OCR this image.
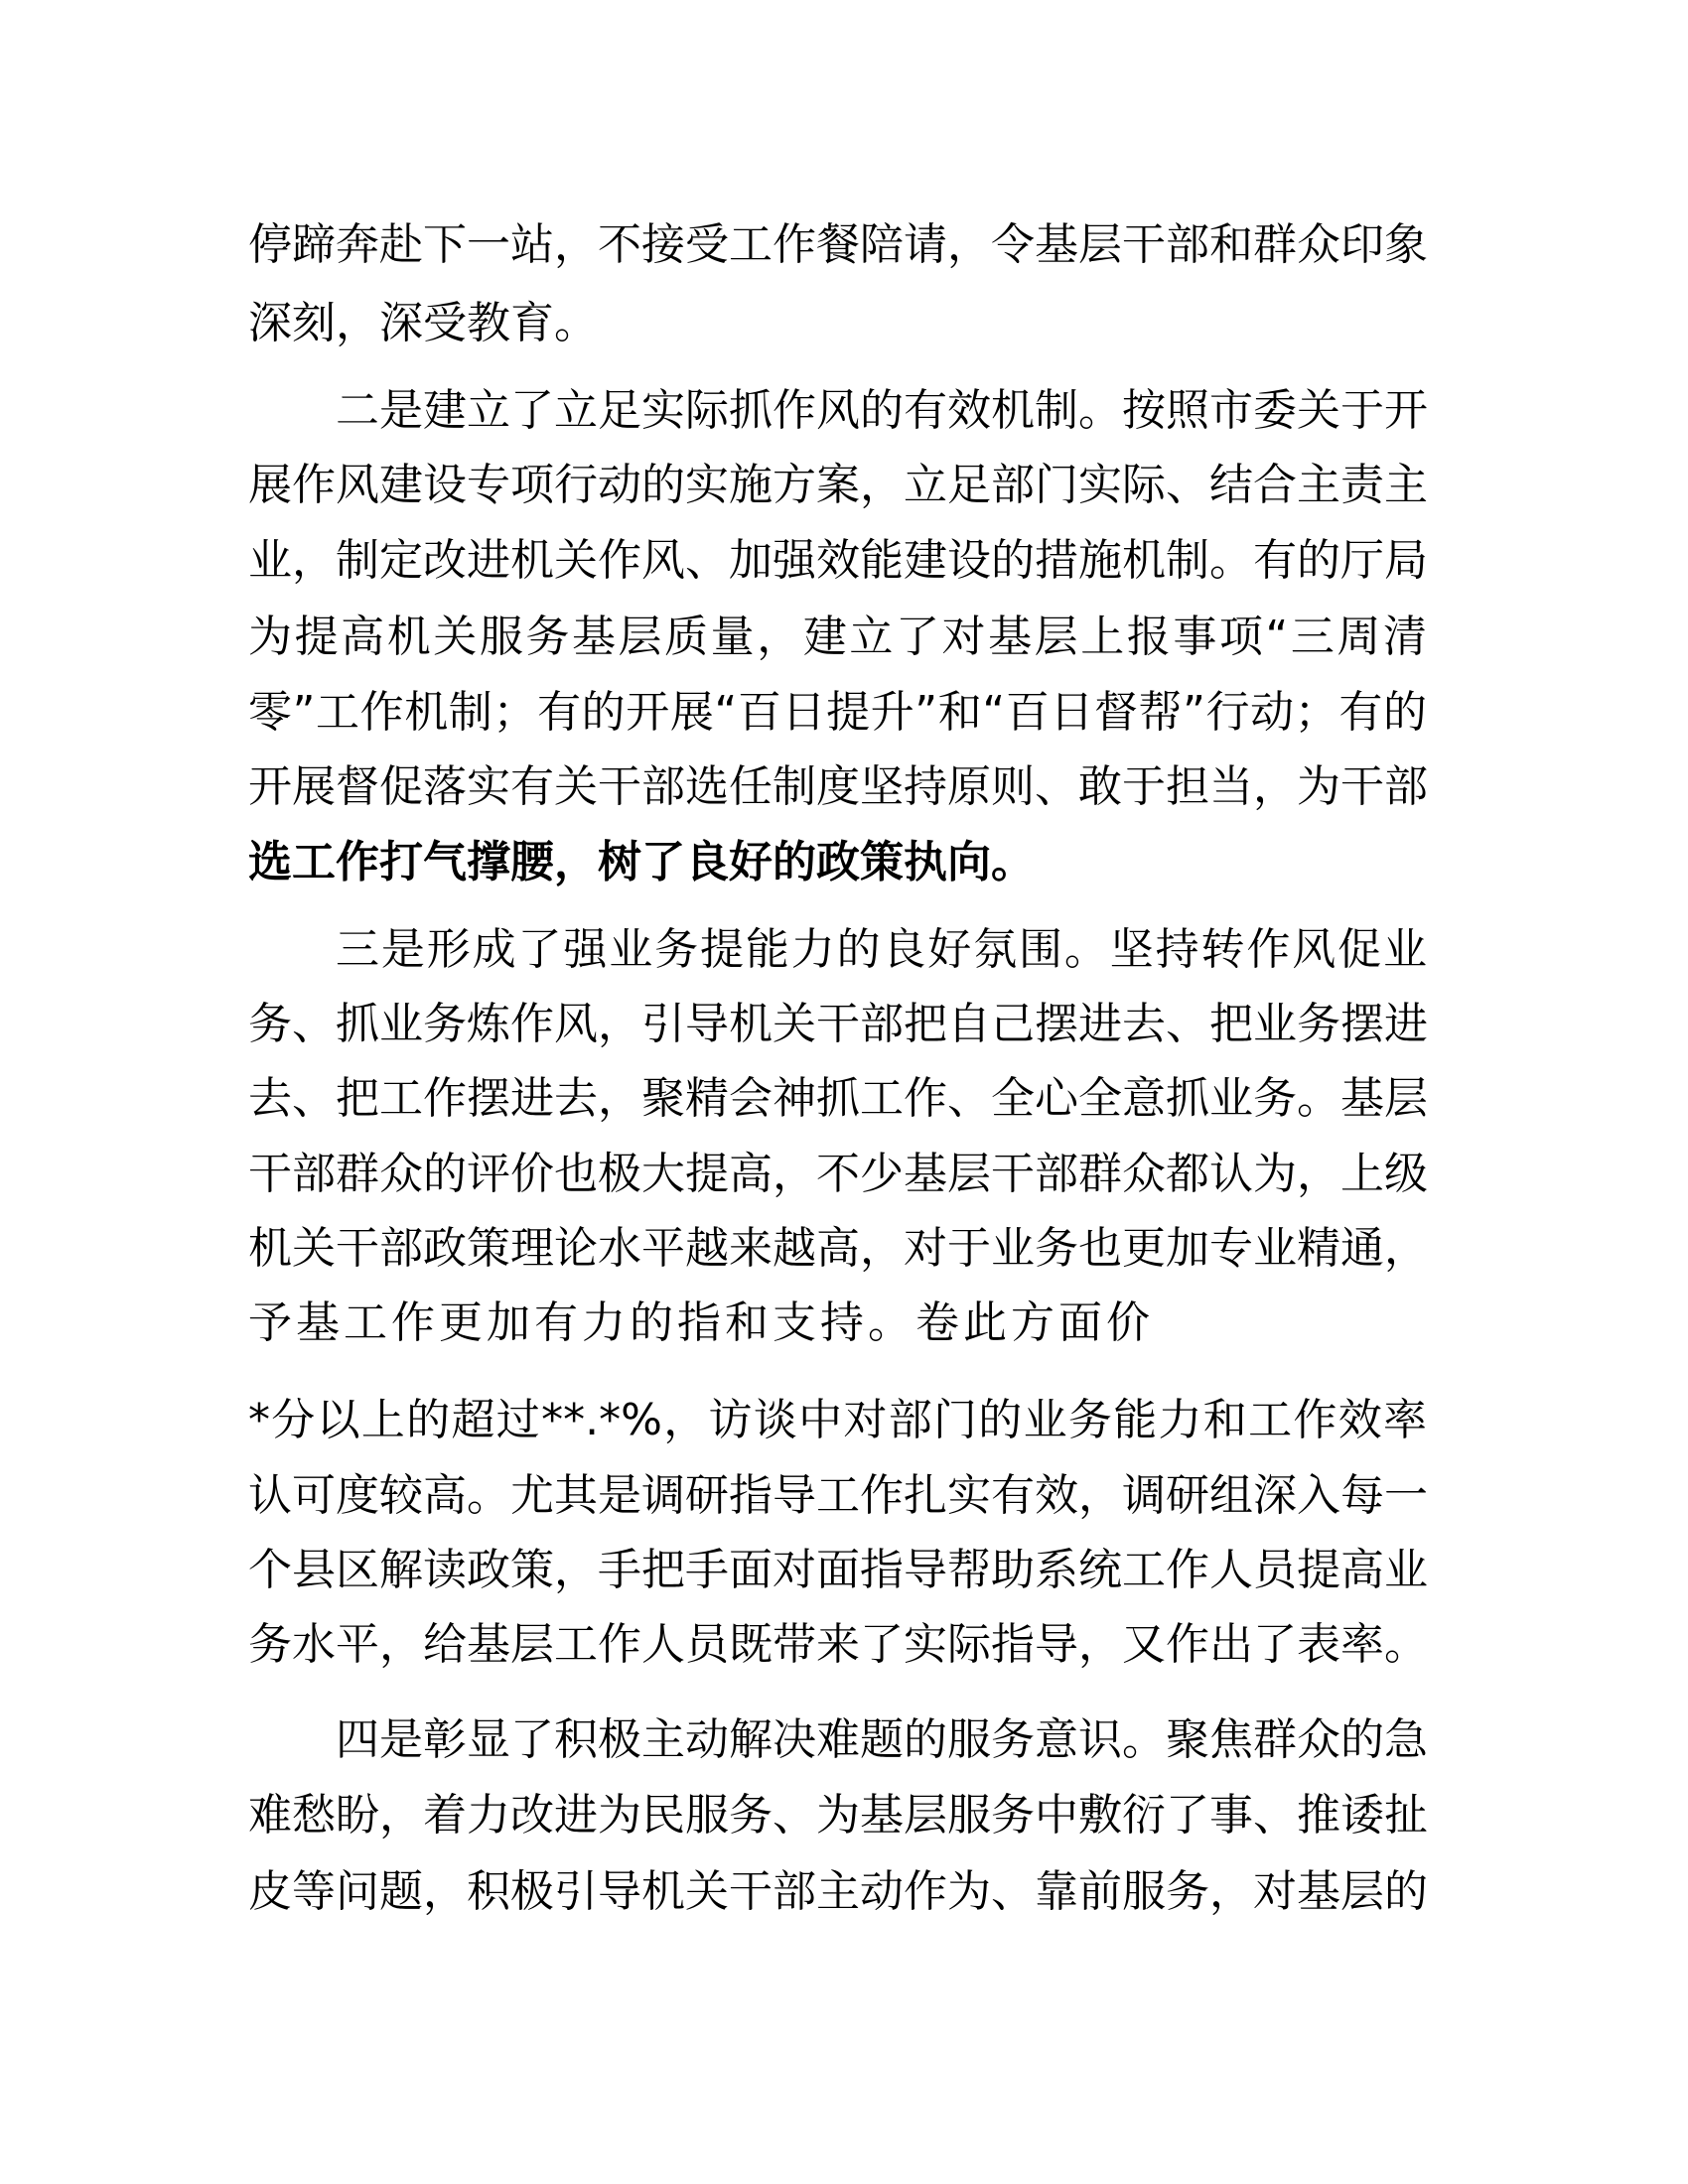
停蹄奔赴下一站，不接受工作餐陪请，令基层干部和群众印象
深刻，深受教育。
二是建立了立足实际抓作风的有效机制。按照市委关于开
展作风建设专项行动的实施方案，立足部门实际、结合主责主
业，制定改进机关作风、加强效能建设的措施机制。有的厅局
为提高机关服务基层质量，建立了对基层上报事项“三周清
零”工作机制；有的开展“百日提升”和“百日督帮”行动；有的
开展督促落实有关干部选任制度坚持原则、敢于担当，为干部
选工作打气撑腰，树了良好的政策执向。
三是形成了强业务提能力的良好氛围。坚持转作风促业
务、抓业务炼作风，引导机关干部把自己摆进去、把业务摆进
去、把工作摆进去，聚精会神抓工作、全心全意抓业务。基层
干部群众的评价也极大提高，不少基层干部群众都认为，上级
机关干部政策理论水平越来越高，对于业务也更加专业精通，
予基工作更加有力的指和支持。卷此方面价
*分以上的超过**.*%，访谈中对部门的业务能力和工作效率
认可度较高。尤其是调研指导工作扎实有效，调研组深入每一
个县区解读政策，手把手面对面指导帮助系统工作人员提高业
务水平，给基层工作人员既带来了实际指导，又作出了表率。
四是彰显了积极主动解决难题的服务意识。聚焦群众的急
难愁盼，着力改进为民服务、为基层服务中敷衍了事、推诿扯
皮等问题，积极引导机关干部主动作为、靠前服务，对基层的
